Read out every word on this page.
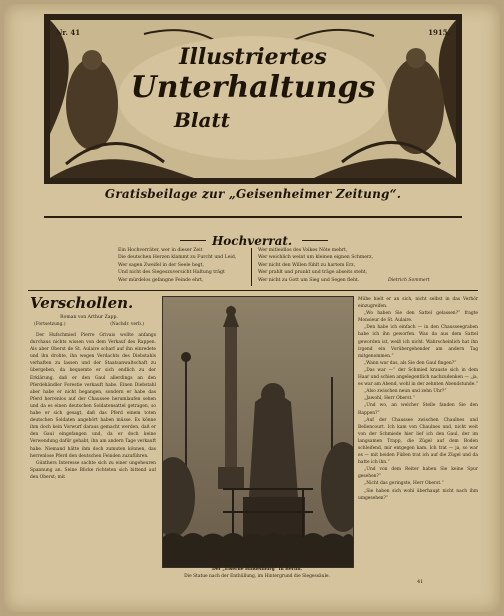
Nr. 41	1915.
Illustriertes
Unterhaltungs
Blatt
Gratisbeilage zur „Geisenheimer Zeitung“.
Hochverrat.
Ein Hochverräter, wer in dieser Zeit
Die deutschen Herzen klammt zu Furcht und Leid,
Wer sagen Zweifel in der Seele hegt,
Und nicht des Siegeszuversicht Haltung trägt
Wer mürdelos gefangne Feinde ehrt,
Wer mitleidlos des Volkes Nöte mehrt,
Wer weichlich weint um kleinen eignen Schmerz,
Wer nicht den Willen fühlt zu hartem Erz,
Wer prahlt und prunkt und träge abseits steht,
Wer nicht zu Gott um Sieg und Segen fleht.	Dietrich Sommert
Verschollen.
Roman von Arthur Zapp.
(Fortsetzung.)	(Nachdr. verb.)

Der Hufschmied Pierre Grivais wollte anfangs durchaus nichts wissen von dem Verkauf des Rappen. Als aber Oberst de St. Aulaire scharf auf ihn einredete und ihn drohte, ihn wegen Verdachts des Diebstahls verhaften zu lassen und der Staatsanwaltschaft zu übergeben, da bequemte er sich endlich zu der Erklärung, daß er den Gaul allerdings an den Pferdehändler Forestie verkauft habe. Einen Diebstahl aber habe er nicht begangen, sondern er habe das Pferd herrenlos auf der Chaussee herumlaufen sehen und da es einen deutschen Soldatensattel getragen, so habe er sich gesagt, daß das Pferd einem toten deutschen Soldaten angehört haben müsse. Es könne ihm doch kein Vorwurf daraus gemacht werden, daß er den Gaul eingefangen und, da er doch keine Verwendung dafür gehabt, ihn am andern Tage verkauft habe. Niemand hätte ihm doch zumuten können, das herrenlose Pferd den deutschen Feinden zuzuführen.

Günthers Interesse sachte sich zu einer ungeheuren Spannung an. Seine Blicke richteten sich bittend auf den Oberst; mit

Der „Eiserne Hindenburg“ in Berlin.
Die Statue nach der Enthüllung, im Hintergrund die Siegessäule.

Mühe hielt er an sich, nicht selbst in das Verhör einzugreifen.

„Wo haben Sie den Sattel gelassen?“ fragte Monsieur de St. Aulaire.

„Den habe ich einfach — in den Chausseegraben habe ich ihn geworfen. Was da aus dem Sattel geworden ist, weiß ich nicht. Wahrscheinlich hat ihn irgend ein Vorübergehender am andern Tag mitgenommen.“

„Wann war das, als Sie den Gaul fingen?“

„Das war —“ der Schmied krauste sich in dem Haar und schien angelegentlich nachzudenken — „ja, es war am Abend, wohl in der zehnten Abendstunde.“

„Also zwischen neun und zehn Uhr?“

„Jawohl, Herr Oberst.“

„Und wo, an welcher Stelle fanden Sie den Rappen?“

„Auf der Chaussee zwischen Chaulnes und Bellencourt. Ich kam von Chaulnes und, nicht weit von der Schmiede hier lief ich den Gaul, der im langsamen Trapp, die Zügel auf dem Boden schleifend, mir entgegen kam. Ich trat — ja, so war es — mit beiden Füßen trat ich auf die Zügel und da hatte ich ihn.“

„Und von dem Reiter haben Sie keine Spur gesehen?“

„Nicht das geringste, Herr Oberst.“

„Sie haben sich wohl überhaupt nicht nach ihm umgesehen?“

41
